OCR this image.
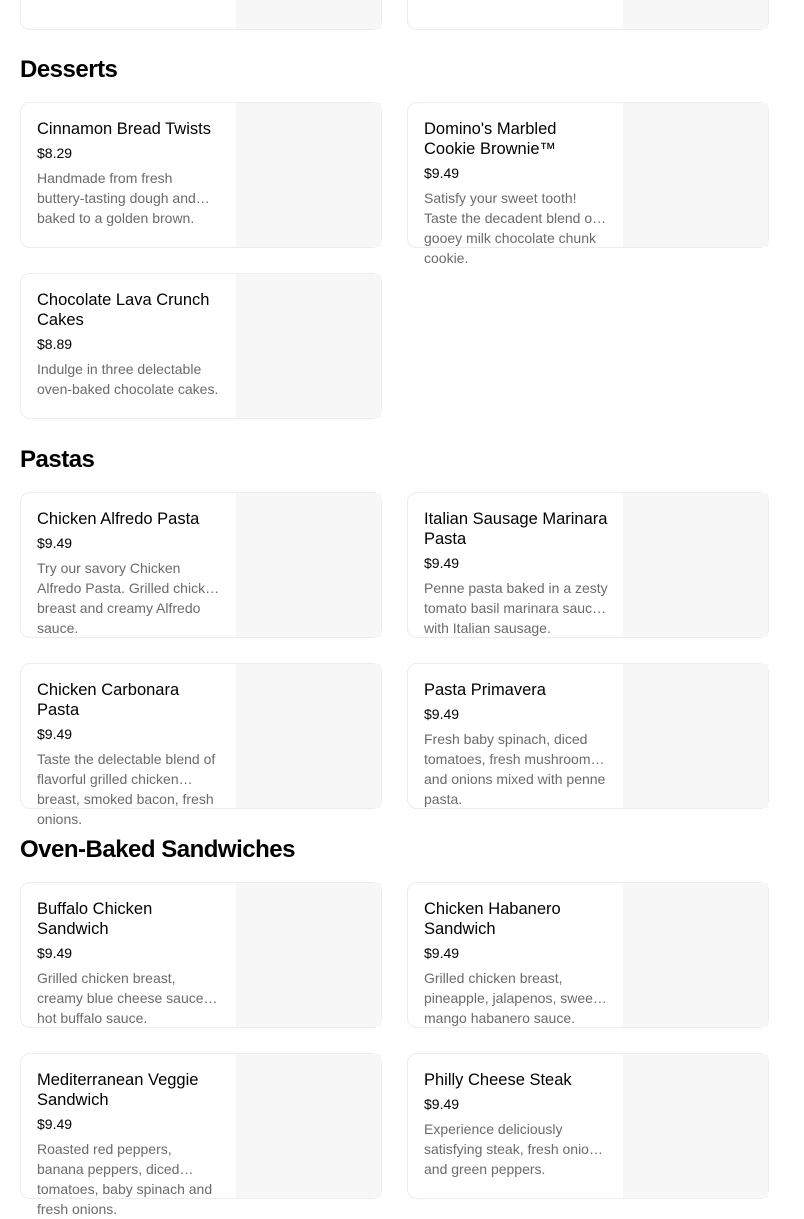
Desserts
Cinnamon Bread Twists
$8.29
Handmade from fresh buttery-tasting dough and baked to a golden brown.
Domino's Marbled Cookie Brownie™
$9.49
Satisfy your sweet tooth! Taste the decadent blend of gooey milk chocolate chunk cookie.
Chocolate Lava Crunch Cakes
$8.89
Indulge in three delectable oven-baked chocolate cakes.
Pastas
Chicken Alfredo Pasta
$9.49
Try our savory Chicken Alfredo Pasta. Grilled chicken breast and creamy Alfredo sauce.
Italian Sausage Marinara Pasta
$9.49
Penne pasta baked in a zesty tomato basil marinara sauce with Italian sausage.
Chicken Carbonara Pasta
$9.49
Taste the delectable blend of flavorful grilled chicken breast, smoked bacon, fresh onions.
Pasta Primavera
$9.49
Fresh baby spinach, diced tomatoes, fresh mushrooms and onions mixed with penne pasta.
Oven-Baked Sandwiches
Buffalo Chicken Sandwich
$9.49
Grilled chicken breast, creamy blue cheese sauce, hot buffalo sauce.
Chicken Habanero Sandwich
$9.49
Grilled chicken breast, pineapple, jalapenos, sweet mango habanero sauce.
Mediterranean Veggie Sandwich
$9.49
Roasted red peppers, banana peppers, diced tomatoes, baby spinach and fresh onions.
Philly Cheese Steak
$9.49
Experience deliciously satisfying steak, fresh onions and green peppers.
